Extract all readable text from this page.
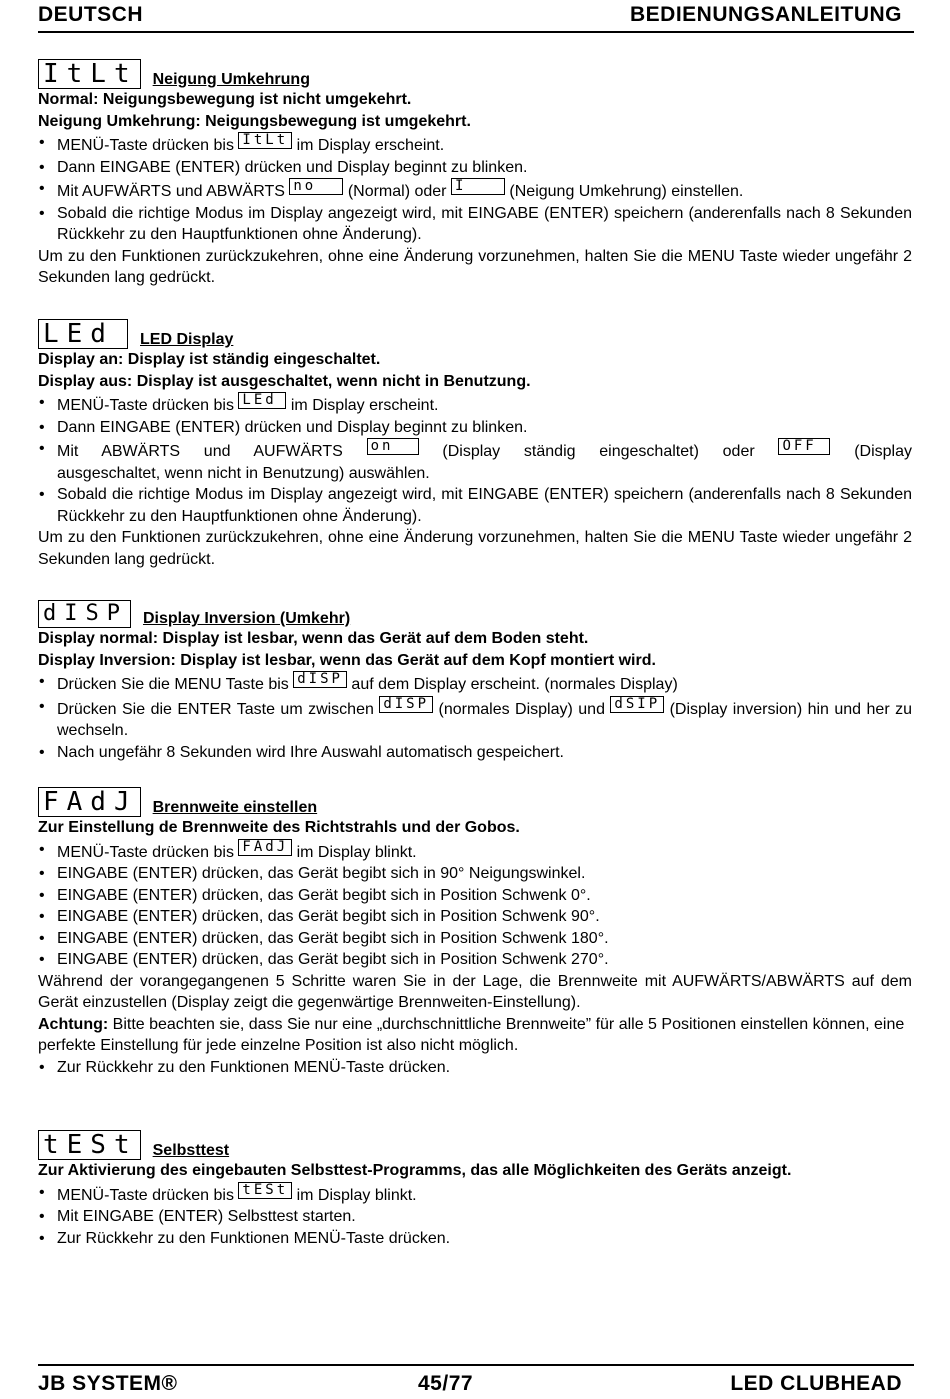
DEUTSCH	BEDIENUNGSANLEITUNG
ItLt Neigung Umkehrung

Normal: Neigungsbewegung ist nicht umgekehrt.

Neigung Umkehrung: Neigungsbewegung ist umgekehrt.

• MENÜ-Taste drücken bis ItLt im Display erscheint.
• Dann EINGABE (ENTER) drücken und Display beginnt zu blinken.
• Mit AUFWÄRTS und ABWÄRTS no (Normal) oder I	(Neigung Umkehrung) einstellen.
• Sobald die richtige Modus im Display angezeigt wird, mit EINGABE (ENTER) speichern (anderenfalls nach 8 Sekunden Rückkehr zu den Hauptfunktionen ohne Änderung).

Um zu den Funktionen zurückzukehren, ohne eine Änderung vorzunehmen, halten Sie die MENU Taste wieder ungefähr 2 Sekunden lang gedrückt.

LEd	LED Display

Display an: Display ist ständig eingeschaltet.

Display aus: Display ist ausgeschaltet, wenn nicht in Benutzung.

• MENÜ-Taste drücken bis LEd im Display erscheint.
• Dann EINGABE (ENTER) drücken und Display beginnt zu blinken.
• Mit ABWÄRTS und AUFWÄRTS on	(Display ständig eingeschaltet) oder OFF (Display ausgeschaltet, wenn nicht in Benutzung) auswählen.
• Sobald die richtige Modus im Display angezeigt wird, mit EINGABE (ENTER) speichern (anderenfalls nach 8 Sekunden Rückkehr zu den Hauptfunktionen ohne Änderung).

Um zu den Funktionen zurückzukehren, ohne eine Änderung vorzunehmen, halten Sie die MENU Taste wieder ungefähr 2 Sekunden lang gedrückt.

dISP Display Inversion (Umkehr)

Display normal: Display ist lesbar, wenn das Gerät auf dem Boden steht.

Display Inversion: Display ist lesbar, wenn das Gerät auf dem Kopf montiert wird.

• Drücken Sie die MENU Taste bis dISP auf dem Display erscheint. (normales Display)
• Drücken Sie die ENTER Taste um zwischen dISP (normales Display) und dSIP (Display inversion) hin und her zu wechseln.
• Nach ungefähr 8 Sekunden wird Ihre Auswahl automatisch gespeichert.
FAdJ Brennweite einstellen

Zur Einstellung de Brennweite des Richtstrahls und der Gobos.

• MENÜ-Taste drücken bis FAdJ im Display blinkt.
• EINGABE (ENTER) drücken, das Gerät begibt sich in 90° Neigungswinkel.
• EINGABE (ENTER) drücken, das Gerät begibt sich in Position Schwenk 0°.
• EINGABE (ENTER) drücken, das Gerät begibt sich in Position Schwenk 90°.
• EINGABE (ENTER) drücken, das Gerät begibt sich in Position Schwenk 180°.
• EINGABE (ENTER) drücken, das Gerät begibt sich in Position Schwenk 270°.

Während der vorangegangenen 5 Schritte waren Sie in der Lage, die Brennweite mit AUFWÄRTS/ABWÄRTS auf dem Gerät einzustellen (Display zeigt die gegenwärtige Brennweiten-Einstellung).

Achtung: Bitte beachten sie, dass Sie nur eine „durchschnittliche Brennweite” für alle 5 Positionen einstellen können, eine perfekte Einstellung für jede einzelne Position ist also nicht möglich.

• Zur Rückkehr zu den Funktionen MENÜ-Taste drücken.
tESt Selbsttest

Zur Aktivierung des eingebauten Selbsttest-Programms, das alle Möglichkeiten des Geräts anzeigt.

• MENÜ-Taste drücken bis tESt im Display blinkt.
• Mit EINGABE (ENTER) Selbsttest starten.
• Zur Rückkehr zu den Funktionen MENÜ-Taste drücken.
JB SYSTEM®	45/77	LED CLUBHEAD
